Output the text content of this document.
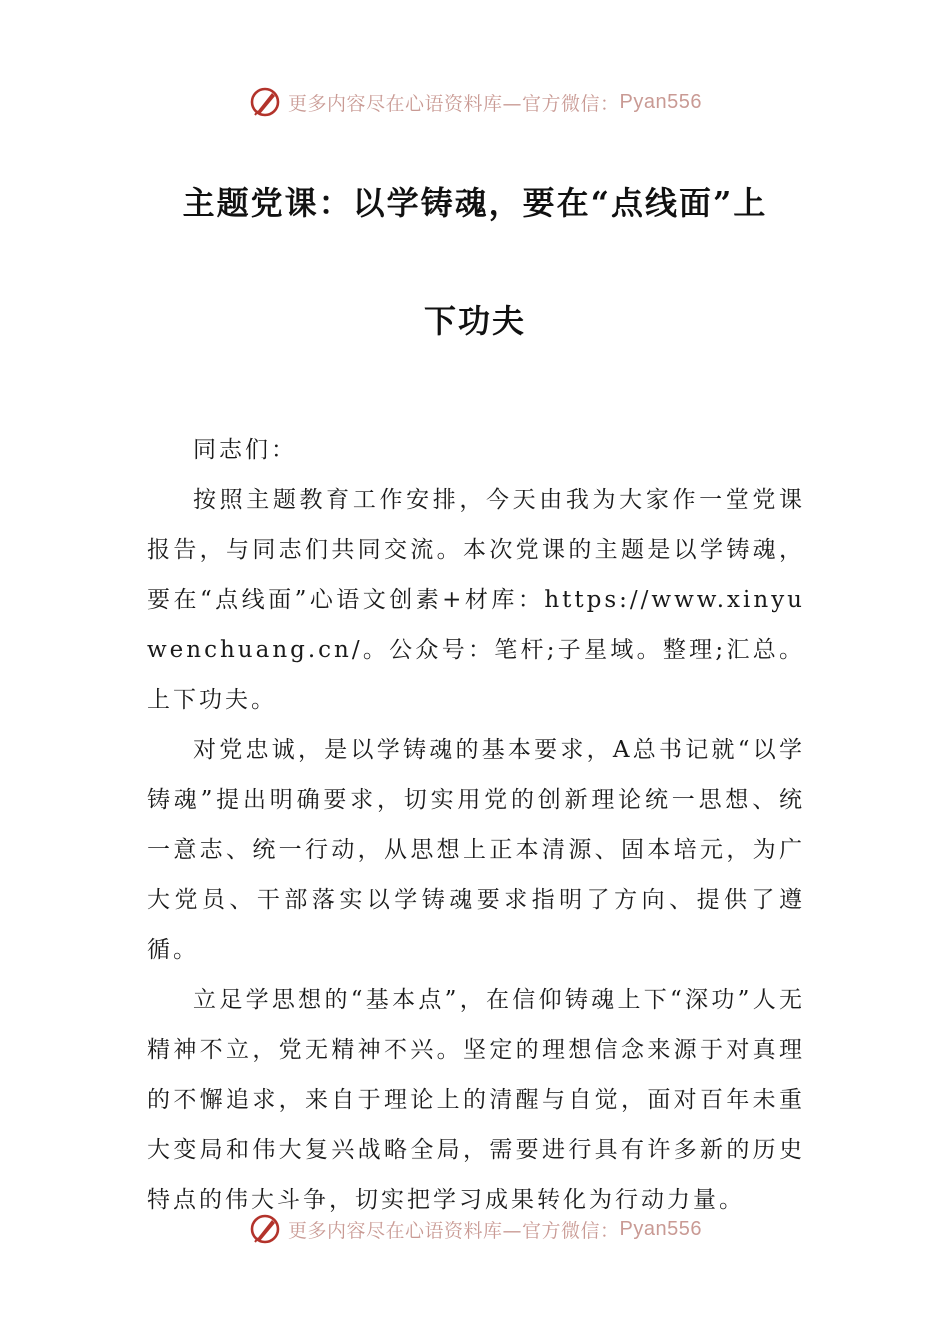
更多内容尽在心语资料库—官方微信： Pyan556
主题党课：以学铸魂，要在“点线面”上
下功夫

同志们：

按照主题教育工作安排，今天由我为大家作一堂党课报告，与同志们共同交流。本次党课的主题是以学铸魂，要在“点线面”心语文创素+材库：https://www.xinyuwenchuang.cn/。公众号：笔杆;子星域。整理;汇总。上下功夫。

对党忠诚，是以学铸魂的基本要求，A总书记就“以学铸魂”提出明确要求，切实用党的创新理论统一思想、统一意志、统一行动，从思想上正本清源、固本培元，为广大党员、干部落实以学铸魂要求指明了方向、提供了遵循。

立足学思想的“基本点”，在信仰铸魂上下“深功”人无精神不立，党无精神不兴。坚定的理想信念来源于对真理的不懈追求，来自于理论上的清醒与自觉，面对百年未重大变局和伟大复兴战略全局，需要进行具有许多新的历史特点的伟大斗争，切实把学习成果转化为行动力量。

更多内容尽在心语资料库—官方微信： Pyan556
